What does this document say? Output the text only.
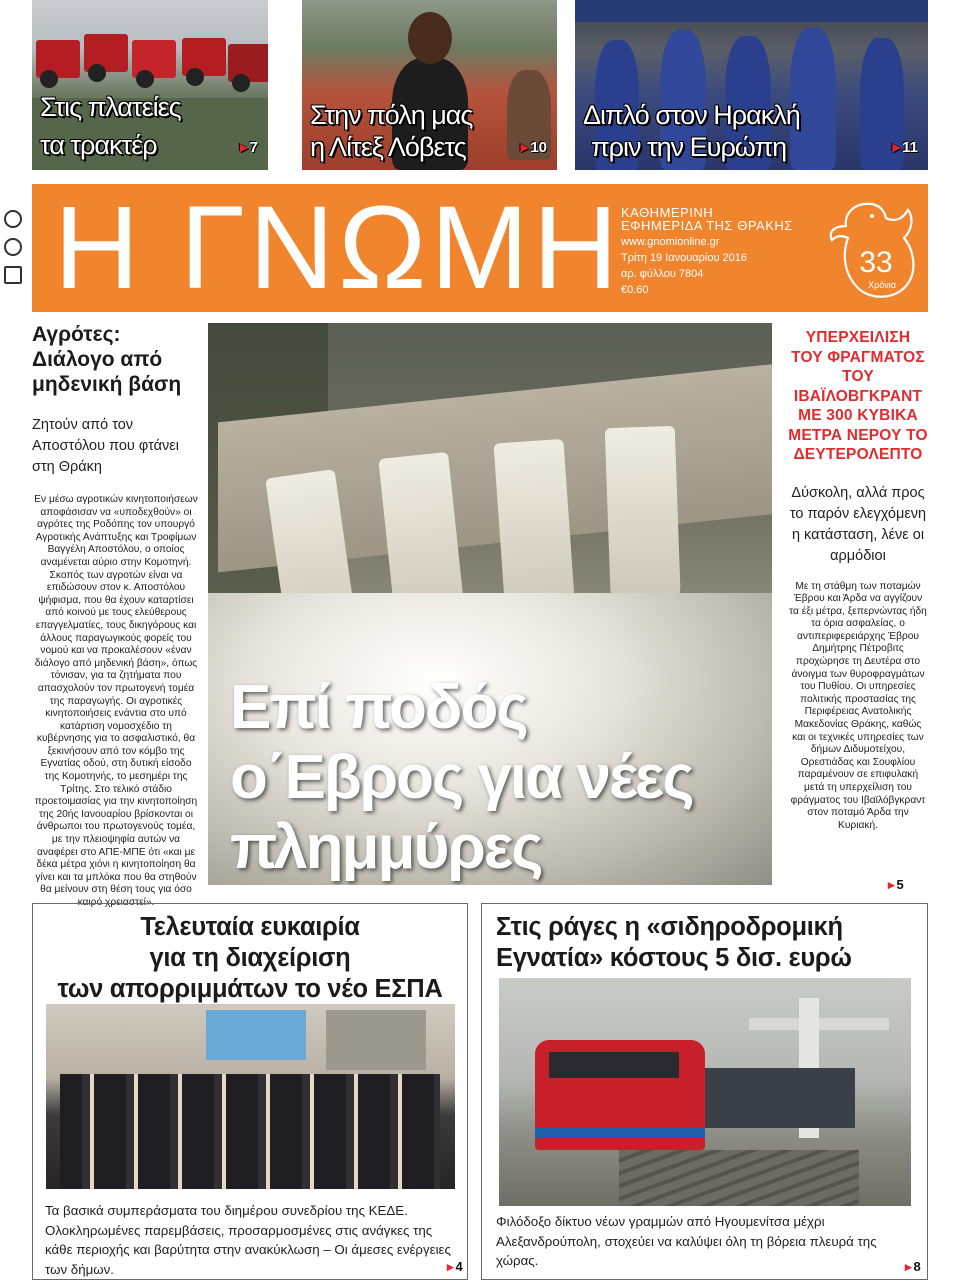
Στις πλατείες
τα τρακτέρ	▸ 7
Στην πόλη μας
η Λίτεξ Λόβετς	▸ 10
Διπλό στον Ηρακλή
πριν την Ευρώπη	▸ 11
Η ΓΝΩΜΗ ΚΑΘΗΜΕΡΙΝΗ
ΕΦΗΜΕΡΙΔΑ ΤΗΣ ΘΡΑΚΗΣ
www.gnomionline.gr
Τρίτη 19 Ιανουαρίου 2016
αρ. φύλλου 7804
€0.60
33
Χρόνια
Αγρότες: Διάλογο από μηδενική βάση
Ζητούν από τον Αποστόλου που φτάνει στη Θράκη
Εν μέσω αγροτικών κινητοποιήσεων αποφάσισαν να «υποδεχθούν» οι αγρότες της Ροδόπης τον υπουργό Αγροτικής Ανάπτυξης και Τροφίμων Βαγγέλη Αποστόλου, ο οποίος αναμένεται αύριο στην Κομοτηνή. Σκοπός των αγροτών είναι να επιδώσουν στον κ. Αποστόλου ψήφισμα, που θα έχουν καταρτίσει από κοινού με τους ελεύθερους επαγγελματίες, τους δικηγόρους και άλλους παραγωγικούς φορείς του νομού και να προκαλέσουν «έναν διάλογο από μηδενική βάση», όπως τόνισαν, για τα ζητήματα που απασχολούν τον πρωτογενή τομέα της παραγωγής. Οι αγροτικές κινητοποιήσεις ενάντια στο υπό κατάρτιση νομοσχέδιο τη κυβέρνησης για το ασφαλιστικό, θα ξεκινήσουν από τον κόμβο της Εγνατίας οδού, στη δυτική είσοδο της Κομοτηνής, το μεσημέρι της Τρίτης. Στο τελικό στάδιο προετοιμασίας για την κινητοποίηση της 20ής Ιανουαρίου βρίσκονται οι άνθρωποι του πρωτογενούς τομέα, με την πλειοψηφία αυτών να αναφέρει στο ΑΠΕ-ΜΠΕ ότι «και με δέκα μέτρα χιόνι η κινητοποίηση θα γίνει και τα μπλόκα που θα στηθούν θα μείνουν στη θέση τους για όσο καιρό χρειαστεί».
Επί ποδός
ο΄Εβρος για νέες
πλημμύρες
ΥΠΕΡΧΕΙΛΙΣΗ ΤΟΥ ΦΡΑΓΜΑΤΟΣ ΤΟΥ ΙΒΑΪΛΟΒΓΚΡΑΝΤ ΜΕ 300 ΚΥΒΙΚΑ ΜΕΤΡΑ ΝΕΡΟΥ ΤΟ ΔΕΥΤΕΡΟΛΕΠΤΟ
Δύσκολη, αλλά προς το παρόν ελεγχόμενη η κατάσταση, λένε οι αρμόδιοι
Με τη στάθμη των ποταμών Έβρου και Άρδα να αγγίζουν τα έξι μέτρα, ξεπερνώντας ήδη τα όρια ασφαλείας, ο αντιπεριφερειάρχης Έβρου Δημήτρης Πέτροβιτς προχώρησε τη Δευτέρα στο άνοιγμα των θυροφραγμάτων του Πυθίου. Οι υπηρεσίες πολιτικής προστασίας της Περιφέρειας Ανατολικής Μακεδονίας Θράκης, καθώς και οι τεχνικές υπηρεσίες των δήμων Διδυμοτείχου, Ορεστιάδας και Σουφλίου παραμένουν σε επιφυλακή μετά τη υπερχείλιση του φράγματος του Ιβαϊλόβγκραντ στον ποταμό Άρδα την Κυριακή.
▸ 5
Τελευταία ευκαιρία
για τη διαχείριση
των απορριμμάτων το νέο ΕΣΠΑ
Τα βασικά συμπεράσματα του διημέρου συνεδρίου της ΚΕΔΕ. Ολοκληρωμένες παρεμβάσεις, προσαρμοσμένες στις ανάγκες της κάθε περιοχής και βαρύτητα στην ανακύκλωση – Οι άμεσες ενέργειες των δήμων.	▸ 4
Στις ράγες η «σιδηροδρομική
Εγνατία» κόστους 5 δισ. ευρώ
Φιλόδοξο δίκτυο νέων γραμμών από Ηγουμενίτσα μέχρι Αλεξανδρούπολη, στοχεύει να καλύψει όλη τη βόρεια πλευρά της χώρας.	▸ 8
